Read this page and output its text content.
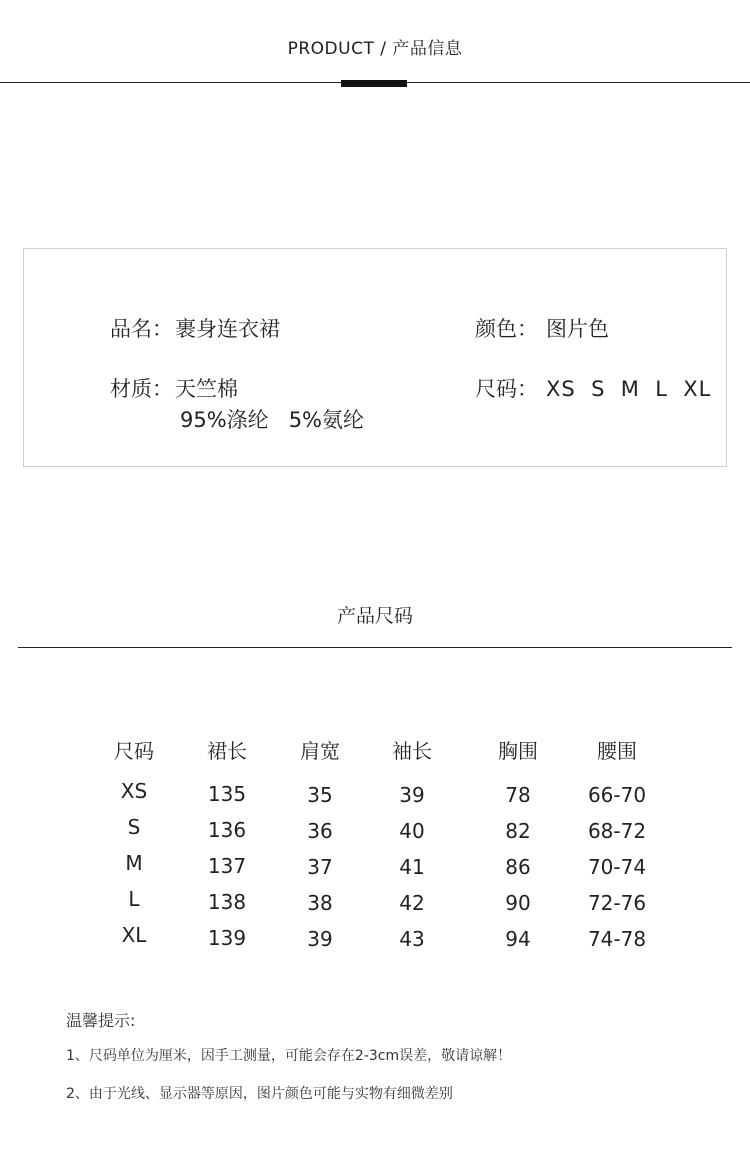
PRODUCT / 产品信息
品名：裹身连衣裙	颜色： 图片色
材质：天竺棉
95%涤纶   5%氨纶
尺码： XS  S  M  L  XL
产品尺码
尺码	裙长	肩宽	袖长	胸围	腰围
XS	135	35	39	78	66-70
S	136	36	40	82	68-72
M	137	37	41	86	70-74
L	138	38	42	90	72-76
XL	139	39	43	94	74-78
温馨提示:
1、尺码单位为厘米，因手工测量，可能会存在2-3cm误差，敬请谅解！
2、由于光线、显示器等原因，图片颜色可能与实物有细微差别
